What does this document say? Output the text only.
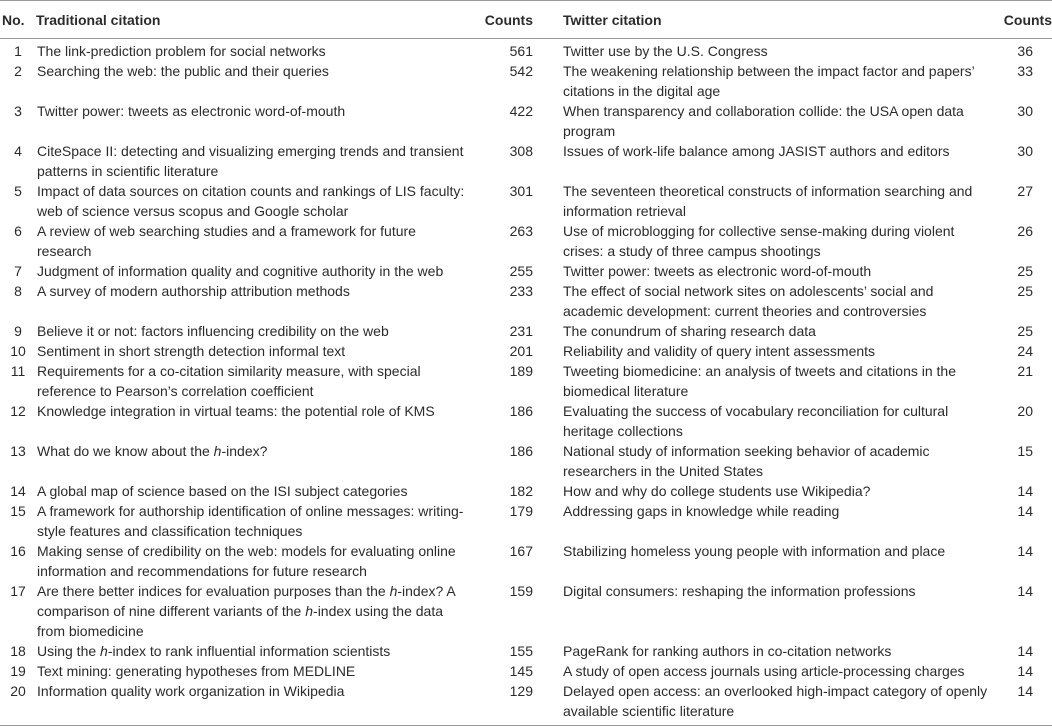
No.	Traditional citation	Counts		Twitter citation	Counts
1	The link-prediction problem for social networks	561		Twitter use by the U.S. Congress	36
2	Searching the web: the public and their queries	542		The weakening relationship between the impact factor and papers’ citations in the digital age	33
3	Twitter power: tweets as electronic word-of-mouth	422		When transparency and collaboration collide: the USA open data program	30
4	CiteSpace II: detecting and visualizing emerging trends and transient patterns in scientific literature	308		Issues of work-life balance among JASIST authors and editors	30
5	Impact of data sources on citation counts and rankings of LIS faculty: web of science versus scopus and Google scholar	301		The seventeen theoretical constructs of information searching and information retrieval	27
6	A review of web searching studies and a framework for future research	263		Use of microblogging for collective sense-making during violent crises: a study of three campus shootings	26
7	Judgment of information quality and cognitive authority in the web	255		Twitter power: tweets as electronic word-of-mouth	25
8	A survey of modern authorship attribution methods	233		The effect of social network sites on adolescents’ social and academic development: current theories and controversies	25
9	Believe it or not: factors influencing credibility on the web	231		The conundrum of sharing research data	25
10	Sentiment in short strength detection informal text	201		Reliability and validity of query intent assessments	24
11	Requirements for a co-citation similarity measure, with special reference to Pearson’s correlation coefficient	189		Tweeting biomedicine: an analysis of tweets and citations in the biomedical literature	21
12	Knowledge integration in virtual teams: the potential role of KMS	186		Evaluating the success of vocabulary reconciliation for cultural heritage collections	20
13	What do we know about the h-index?	186		National study of information seeking behavior of academic researchers in the United States	15
14	A global map of science based on the ISI subject categories	182		How and why do college students use Wikipedia?	14
15	A framework for authorship identification of online messages: writing-style features and classification techniques	179		Addressing gaps in knowledge while reading	14
16	Making sense of credibility on the web: models for evaluating online information and recommendations for future research	167		Stabilizing homeless young people with information and place	14
17	Are there better indices for evaluation purposes than the h-index? A comparison of nine different variants of the h-index using the data from biomedicine	159		Digital consumers: reshaping the information professions	14
18	Using the h-index to rank influential information scientists	155		PageRank for ranking authors in co-citation networks	14
19	Text mining: generating hypotheses from MEDLINE	145		A study of open access journals using article-processing charges	14
20	Information quality work organization in Wikipedia	129		Delayed open access: an overlooked high-impact category of openly available scientific literature	14
